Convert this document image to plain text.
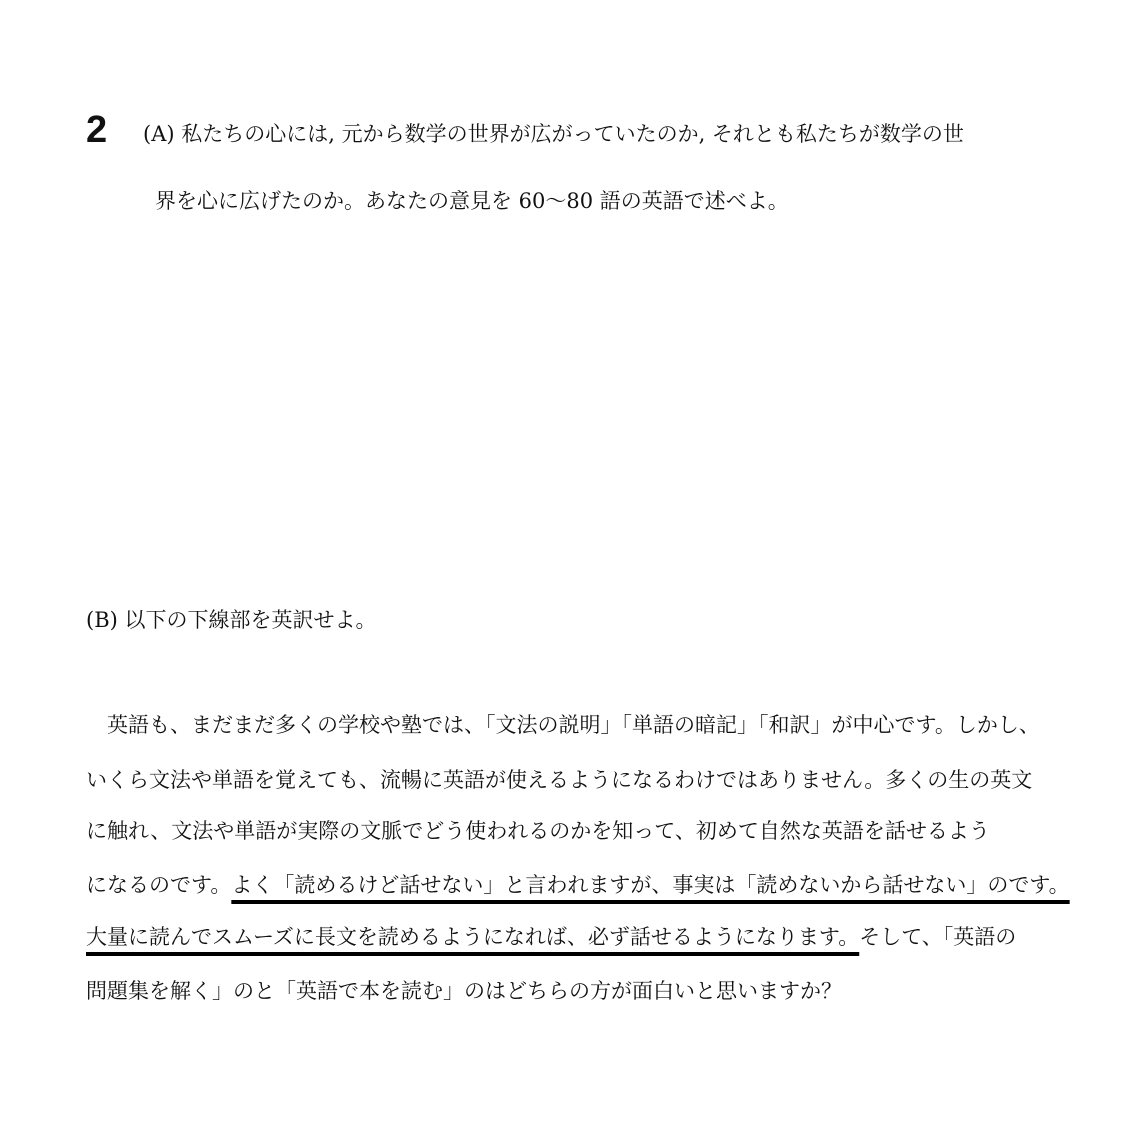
2 (A) 私たちの心には, 元から数学の世界が広がっていたのか, それとも私たちが数学の世
界を心に広げたのか。あなたの意見を 60〜80 語の英語で述べよ。
(B) 以下の下線部を英訳せよ。
　英語も、まだまだ多くの学校や塾では、「文法の説明」「単語の暗記」「和訳」が中心です。しかし、
いくら文法や単語を覚えても、流暢に英語が使えるようになるわけではありません。多くの生の英文
に触れ、文法や単語が実際の文脈でどう使われるのかを知って、初めて自然な英語を話せるよう
になるのです。よく「読めるけど話せない」と言われますが、事実は「読めないから話せない」のです。
大量に読んでスムーズに長文を読めるようになれば、必ず話せるようになります。そして、「英語の
問題集を解く」のと「英語で本を読む」のはどちらの方が面白いと思いますか？
